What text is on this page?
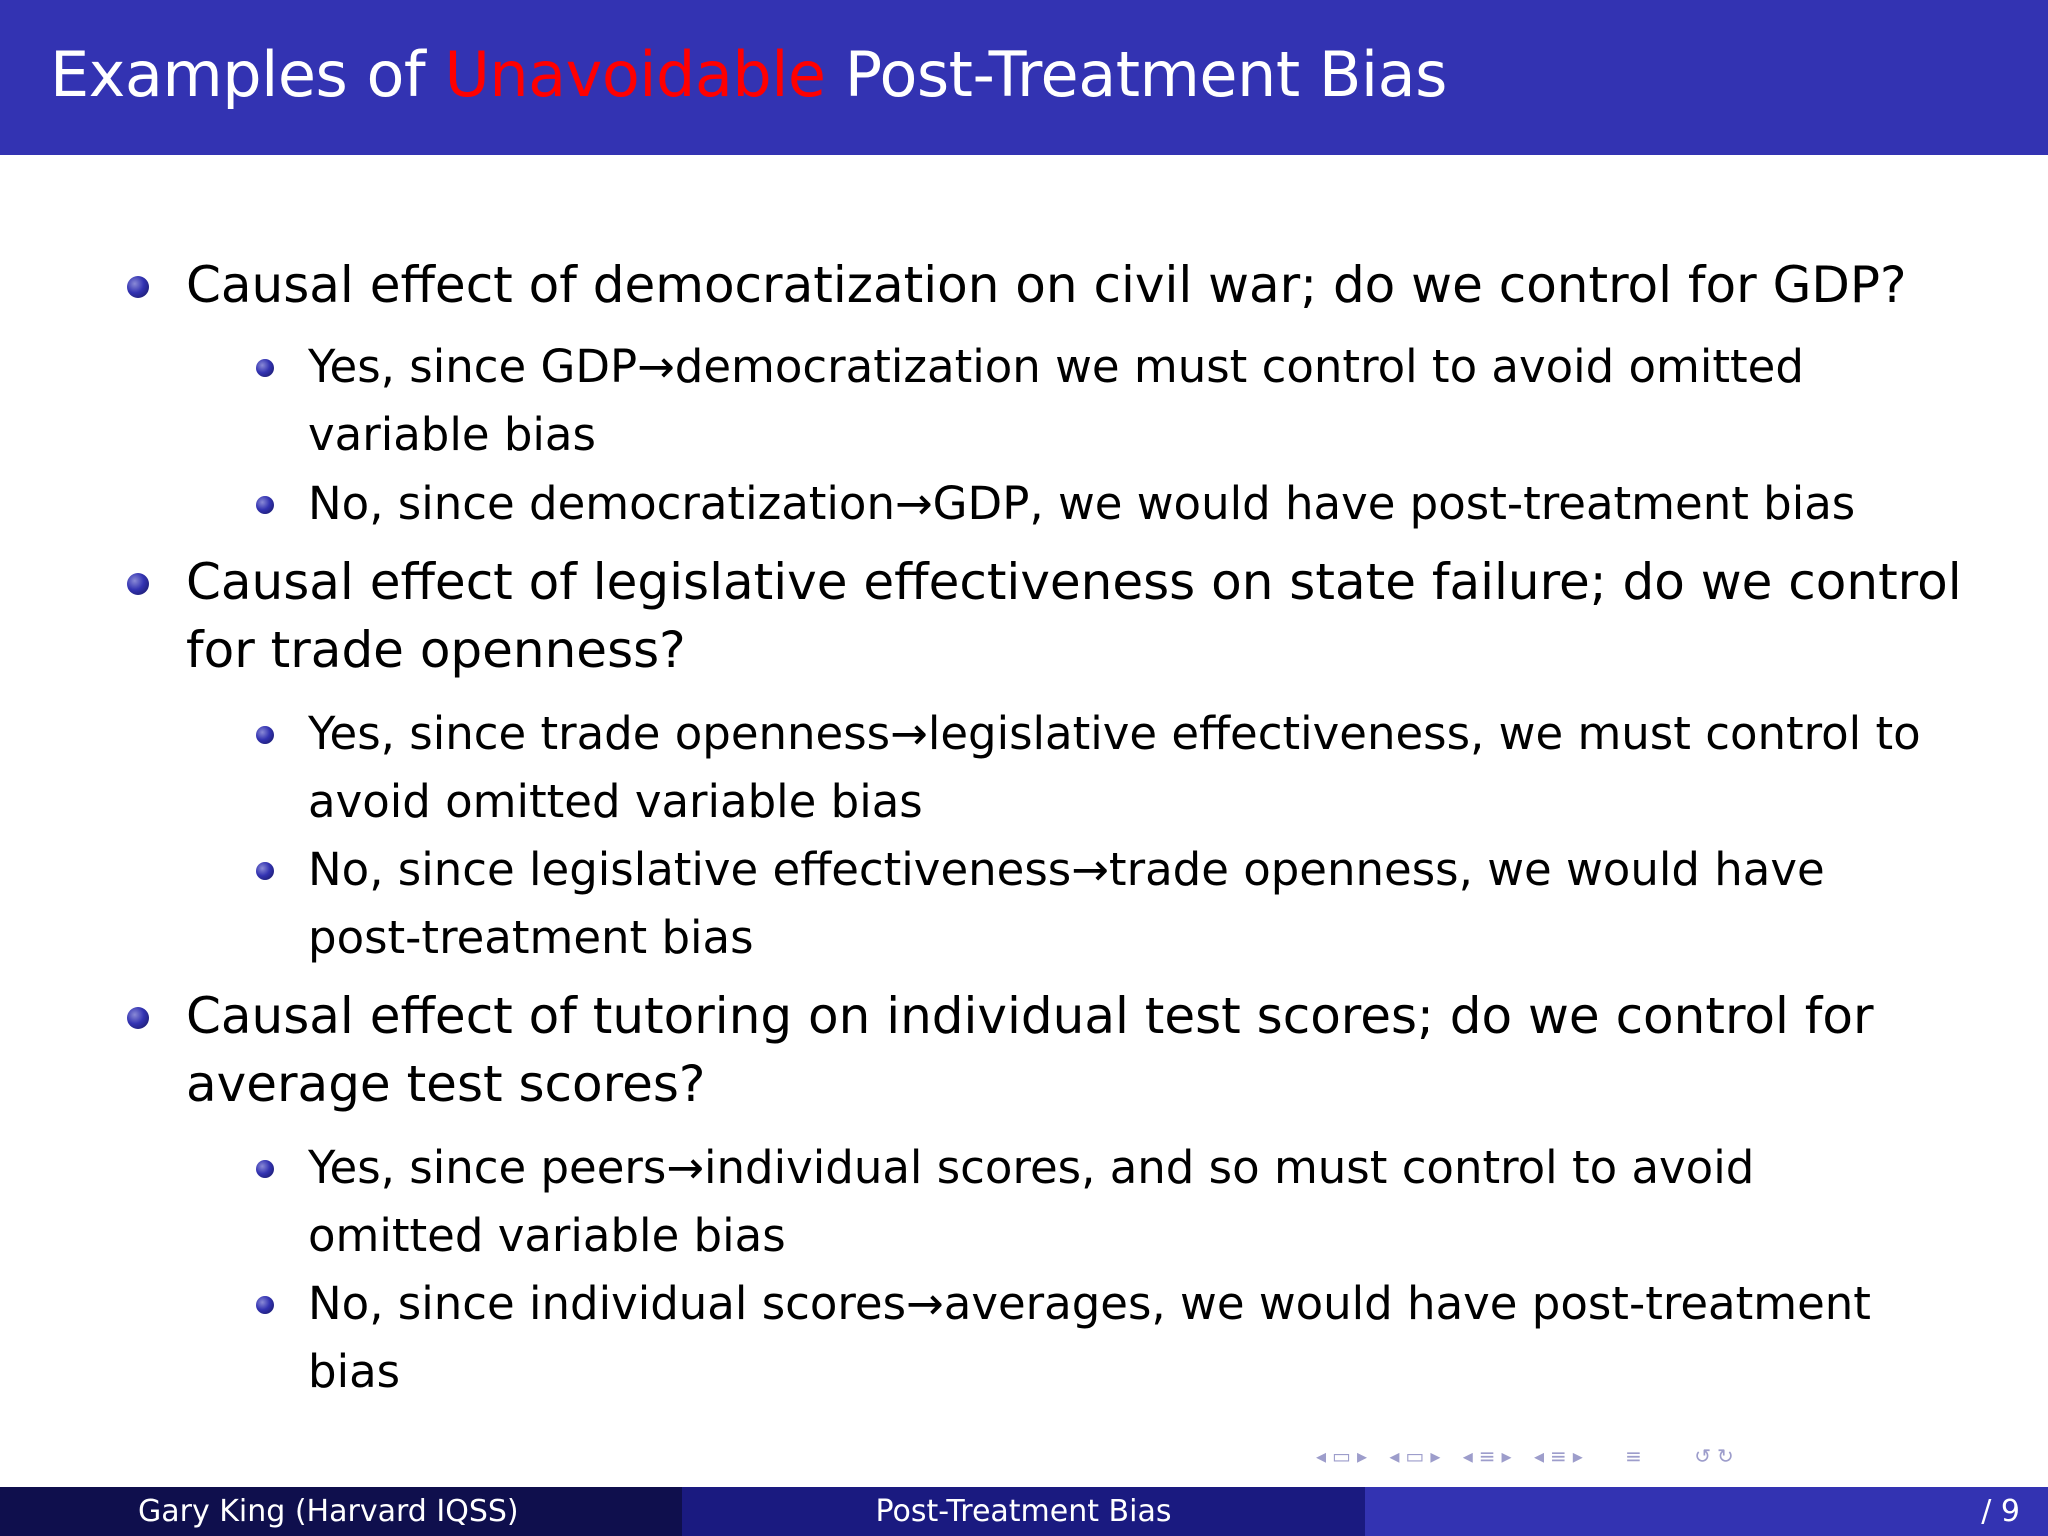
Examples of Unavoidable Post-Treatment Bias
Causal effect of democratization on civil war; do we control for GDP?
Yes, since GDP→democratization we must control to avoid omitted
variable bias
No, since democratization→GDP, we would have post-treatment bias
Causal effect of legislative effectiveness on state failure; do we control
for trade openness?
Yes, since trade openness→legislative effectiveness, we must control to
avoid omitted variable bias
No, since legislative effectiveness→trade openness, we would have
post-treatment bias
Causal effect of tutoring on individual test scores; do we control for
average test scores?
Yes, since peers→individual scores, and so must control to avoid
omitted variable bias
No, since individual scores→averages, we would have post-treatment
bias
◂ ▭ ▸ ◂ ▭ ▸ ◂ ≡ ▸ ◂ ≡ ▸ ≡	↺ ↻
Gary King (Harvard IQSS)	Post-Treatment Bias	/ 9
